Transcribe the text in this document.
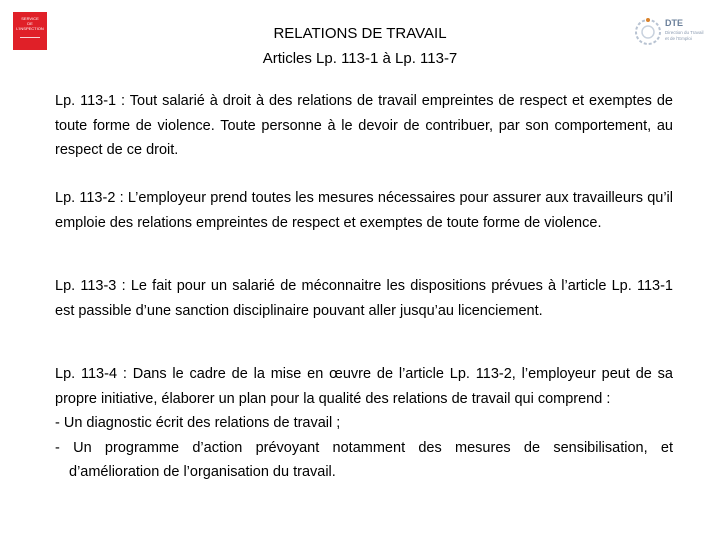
SERVICE
DE
L'INSPECTION
DTE
Direction du Travail
et de l'Emploi
RELATIONS DE TRAVAIL
Articles Lp. 113-1 à Lp. 113-7
Lp. 113-1 : Tout salarié à droit à des relations de travail empreintes de respect et exemptes de toute forme de violence. Toute personne à le devoir de contribuer, par son comportement, au respect de ce droit.
Lp. 113-2 : L’employeur prend toutes les mesures nécessaires pour assurer aux travailleurs qu’il emploie des relations empreintes de respect et exemptes de toute forme de violence.
Lp. 113-3 : Le fait pour un salarié de méconnaitre les dispositions prévues à l’article Lp. 113-1 est passible d’une sanction disciplinaire pouvant aller jusqu’au licenciement.
Lp. 113-4 : Dans le cadre de la mise en œuvre de l’article Lp. 113-2, l’employeur peut de sa propre initiative, élaborer un plan pour la qualité des relations de travail qui comprend :
- Un diagnostic écrit des relations de travail ;
- Un programme d’action prévoyant notamment des mesures de sensibilisation, et d’amélioration de l’organisation du travail.
